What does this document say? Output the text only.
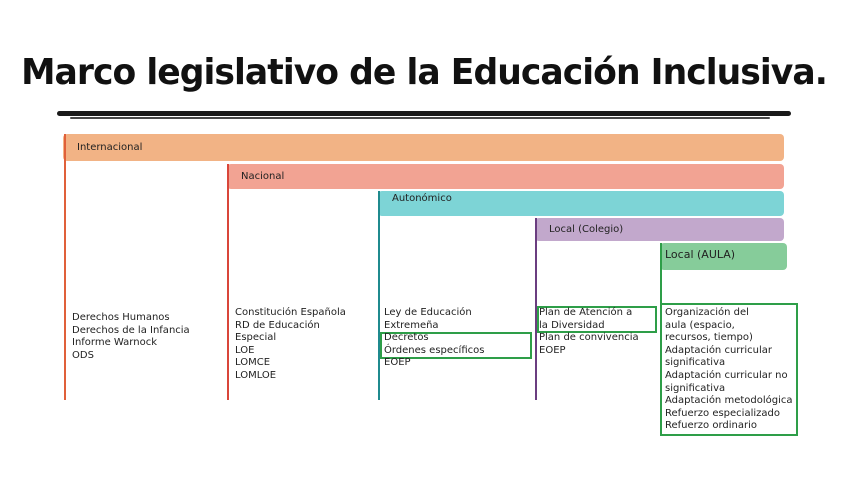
Marco legislativo de la Educación Inclusiva.
Internacional
Nacional
Autonómico
Local (Colegio)
Local (AULA)
Derechos Humanos
Derechos de la Infancia
Informe Warnock
ODS
Constitución Española
RD de Educación
Especial
LOE
LOMCE
LOMLOE
Ley de Educación
Extremeña
Decretos
Órdenes específicos
EOEP
Plan de Atención a
la Diversidad
Plan de convivencia
EOEP
Organización del
aula (espacio,
recursos, tiempo)
Adaptación curricular
significativa
Adaptación curricular no
significativa
Adaptación metodológica
Refuerzo especializado
Refuerzo ordinario
